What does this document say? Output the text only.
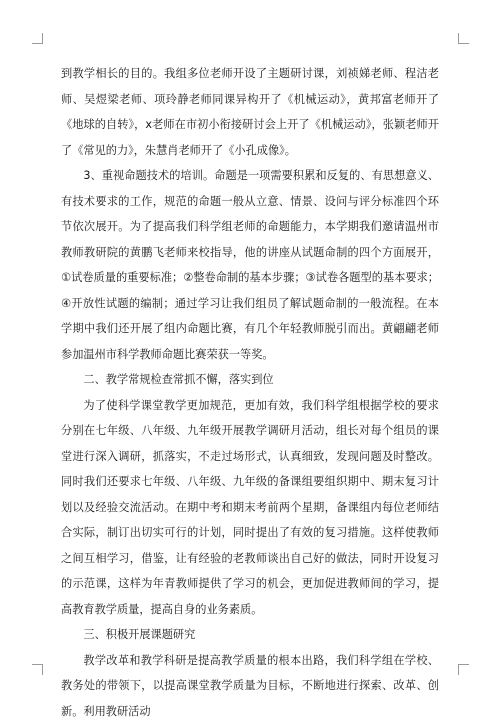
到教学相长的目的。我组多位老师开设了主题研讨课，刘祯娣老师、程洁老师、吴煜梁老师、项玲静老师同课异构开了《机械运动》，黄邦富老师开了《地球的自转》，x老师在市初小衔接研讨会上开了《机械运动》，张颖老师开了《常见的力》，朱慧肖老师开了《小孔成像》。

3、重视命题技术的培训。命题是一项需要积累和反复的、有思想意义、有技术要求的工作，规范的命题一般从立意、情景、设问与评分标准四个环节依次展开。为了提高我们科学组老师的命题能力，本学期我们邀请温州市教师教研院的黄鹏飞老师来校指导，他的讲座从试题命制的四个方面展开，①试卷质量的重要标准；②整卷命制的基本步骤；③试卷各题型的基本要求；④开放性试题的编制；通过学习让我们组员了解试题命制的一般流程。在本学期中我们还开展了组内命题比赛，有几个年轻教师脱引而出。黄翩翩老师参加温州市科学教师命题比赛荣获一等奖。

二、教学常规检查常抓不懈，落实到位

为了使科学课堂教学更加规范，更加有效，我们科学组根据学校的要求分别在七年级、八年级、九年级开展教学调研月活动，组长对每个组员的课堂进行深入调研，抓落实，不走过场形式，认真细致，发现问题及时整改。同时我们还要求七年级、八年级、九年级的备课组要组织期中、期末复习计划以及经验交流活动。在期中考和期末考前两个星期，备课组内每位老师结合实际，制订出切实可行的计划，同时提出了有效的复习措施。这样使教师之间互相学习，借鉴，让有经验的老教师谈出自己好的做法，同时开设复习的示范课，这样为年青教师提供了学习的机会，更加促进教师间的学习，提高教育教学质量，提高自身的业务素质。

三、积极开展课题研究

教学改革和教学科研是提高教学质量的根本出路，我们科学组在学校、教务处的带领下，以提高课堂教学质量为目标，不断地进行探索、改革、创新。利用教研活动
